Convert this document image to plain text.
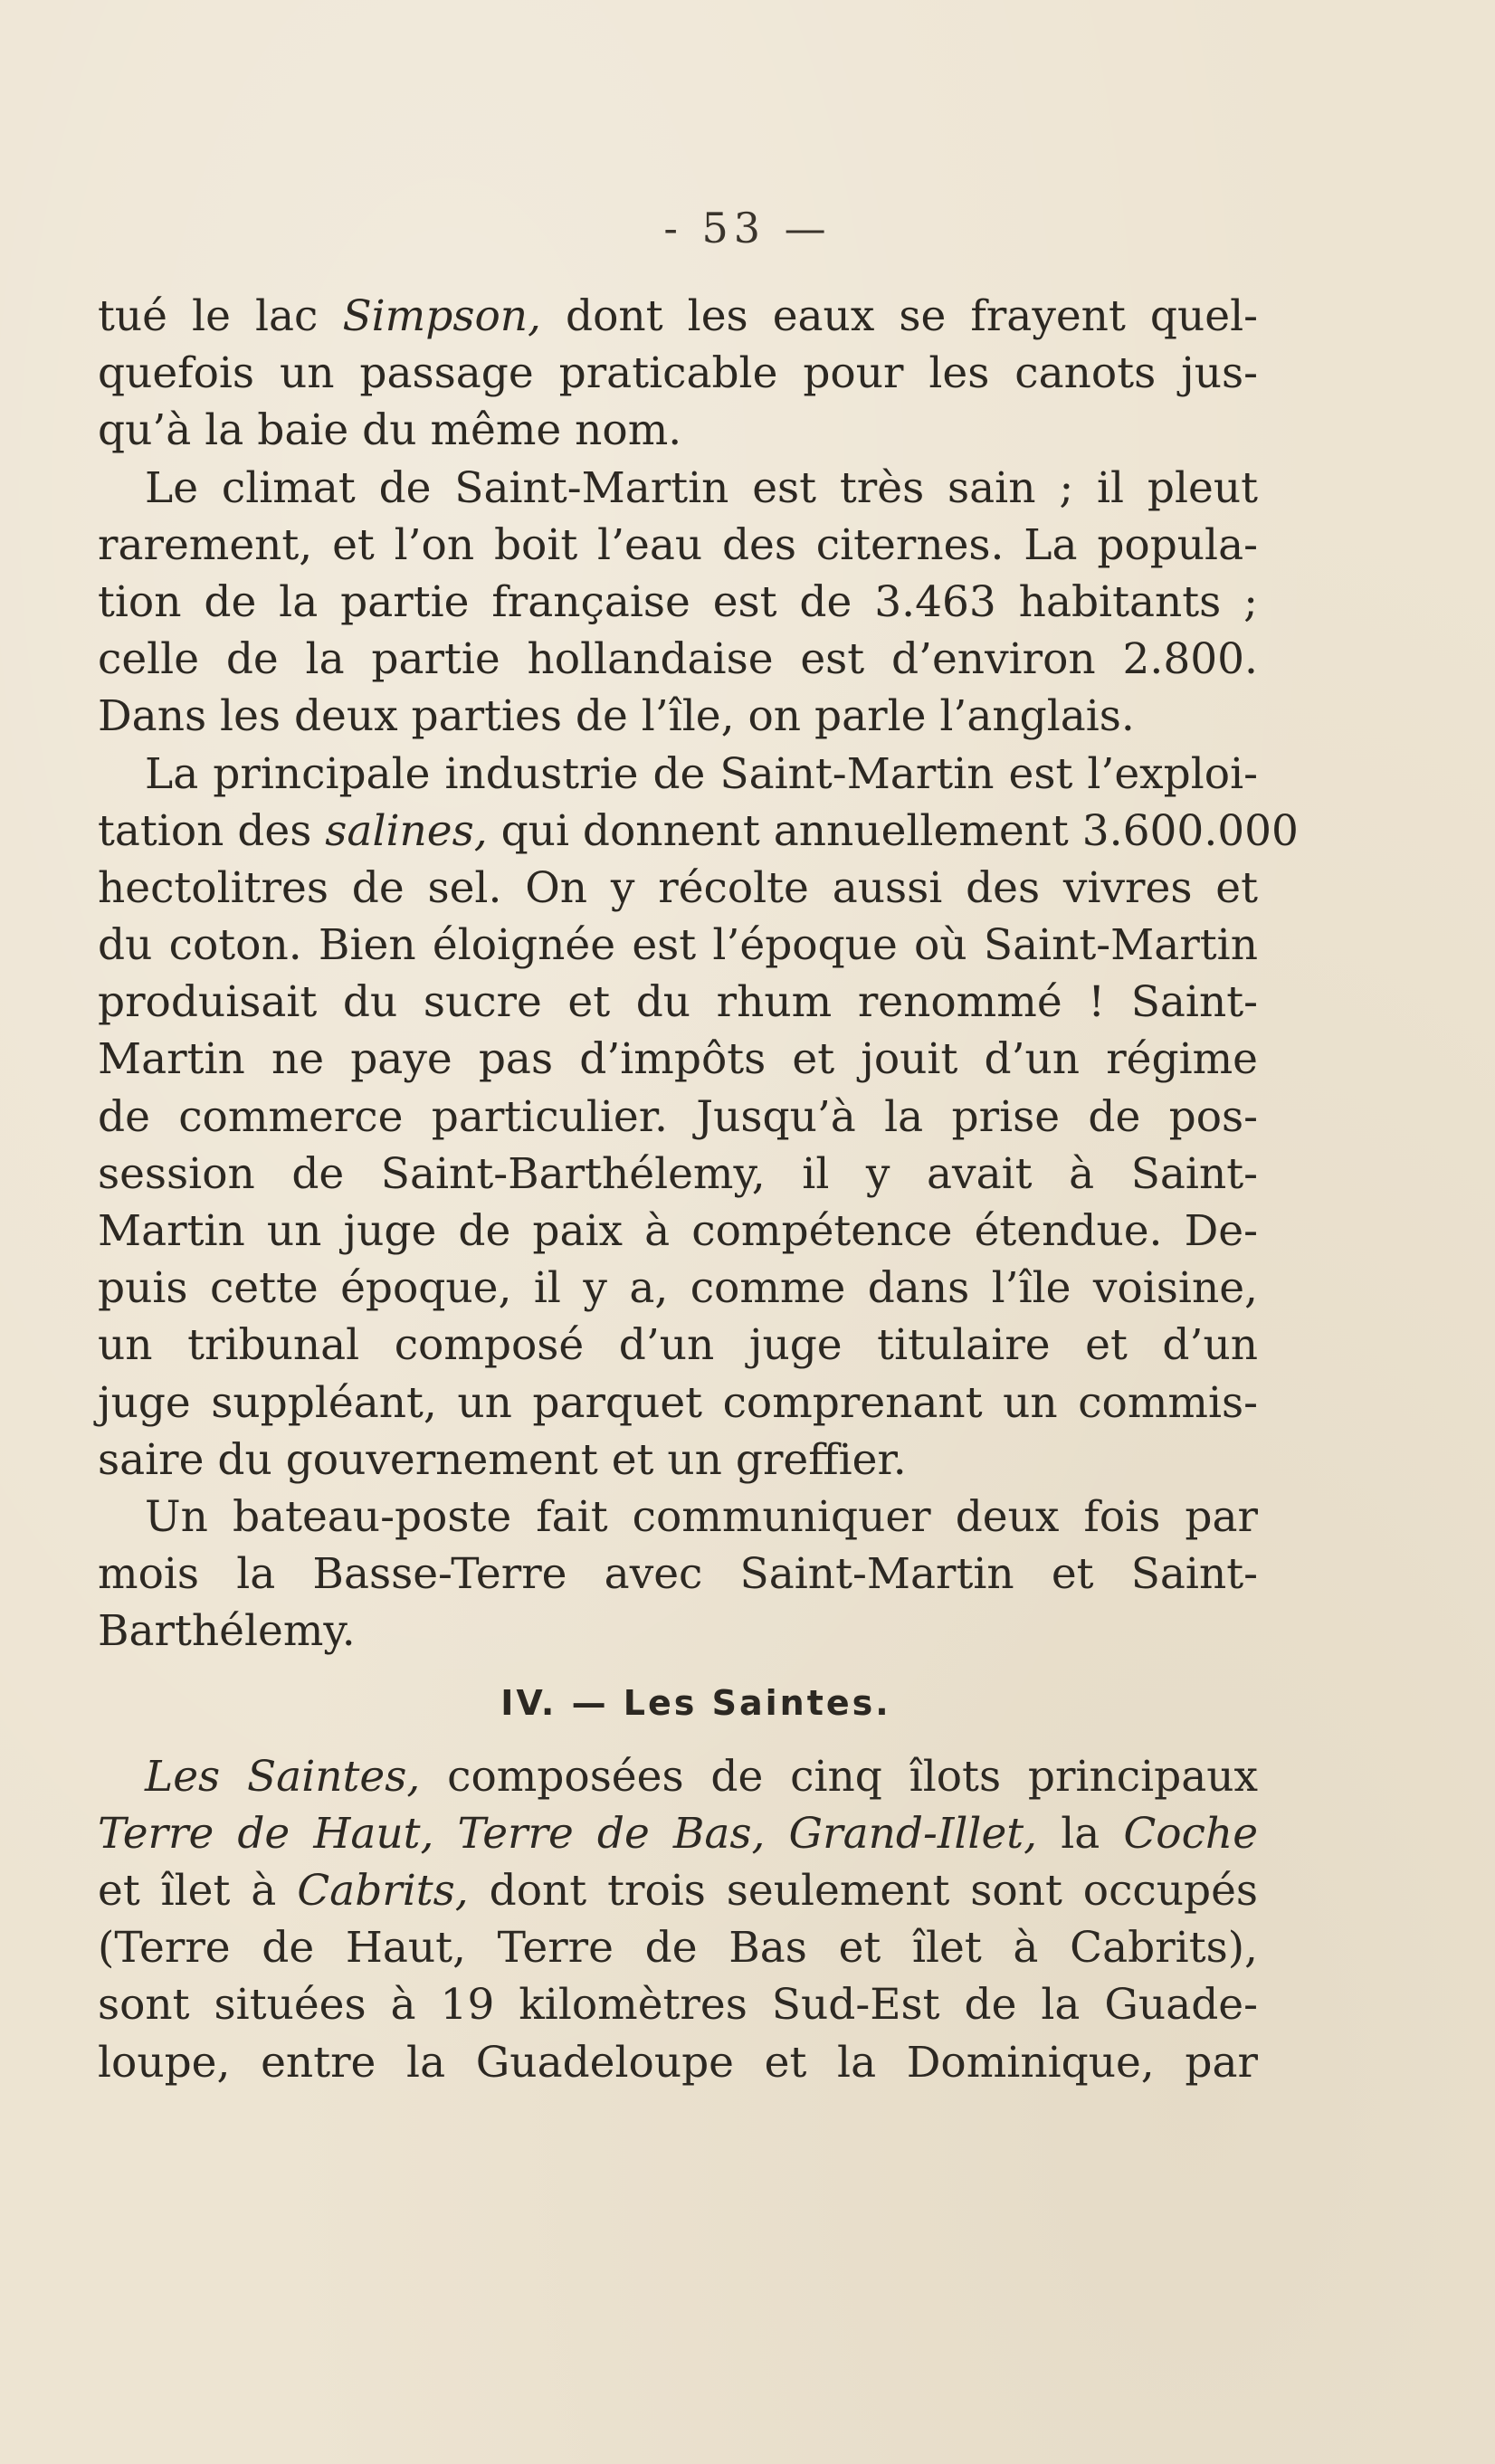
- 53 —
tué le lac Simpson, dont les eaux se frayent quel-
quefois un passage praticable pour les canots jus-
qu’à la baie du même nom.
Le climat de Saint-Martin est très sain ; il pleut
rarement, et l’on boit l’eau des citernes. La popula-
tion de la partie française est de 3.463 habitants ;
celle de la partie hollandaise est d’environ 2.800.
Dans les deux parties de l’île, on parle l’anglais.
La principale industrie de Saint-Martin est l’exploi-
tation des salines, qui donnent annuellement 3.600.000
hectolitres de sel. On y récolte aussi des vivres et
du coton. Bien éloignée est l’époque où Saint-Martin
produisait du sucre et du rhum renommé ! Saint-
Martin ne paye pas d’impôts et jouit d’un régime
de commerce particulier. Jusqu’à la prise de pos-
session de Saint-Barthélemy, il y avait à Saint-
Martin un juge de paix à compétence étendue. De-
puis cette époque, il y a, comme dans l’île voisine,
un tribunal composé d’un juge titulaire et d’un
juge suppléant, un parquet comprenant un commis-
saire du gouvernement et un greffier.
Un bateau-poste fait communiquer deux fois par
mois la Basse-Terre avec Saint-Martin et Saint-
Barthélemy.
IV. — Les Saintes.
Les Saintes, composées de cinq îlots principaux
Terre de Haut, Terre de Bas, Grand-Illet, la Coche
et îlet à Cabrits, dont trois seulement sont occupés
(Terre de Haut, Terre de Bas et îlet à Cabrits),
sont situées à 19 kilomètres Sud-Est de la Guade-
loupe, entre la Guadeloupe et la Dominique, par
